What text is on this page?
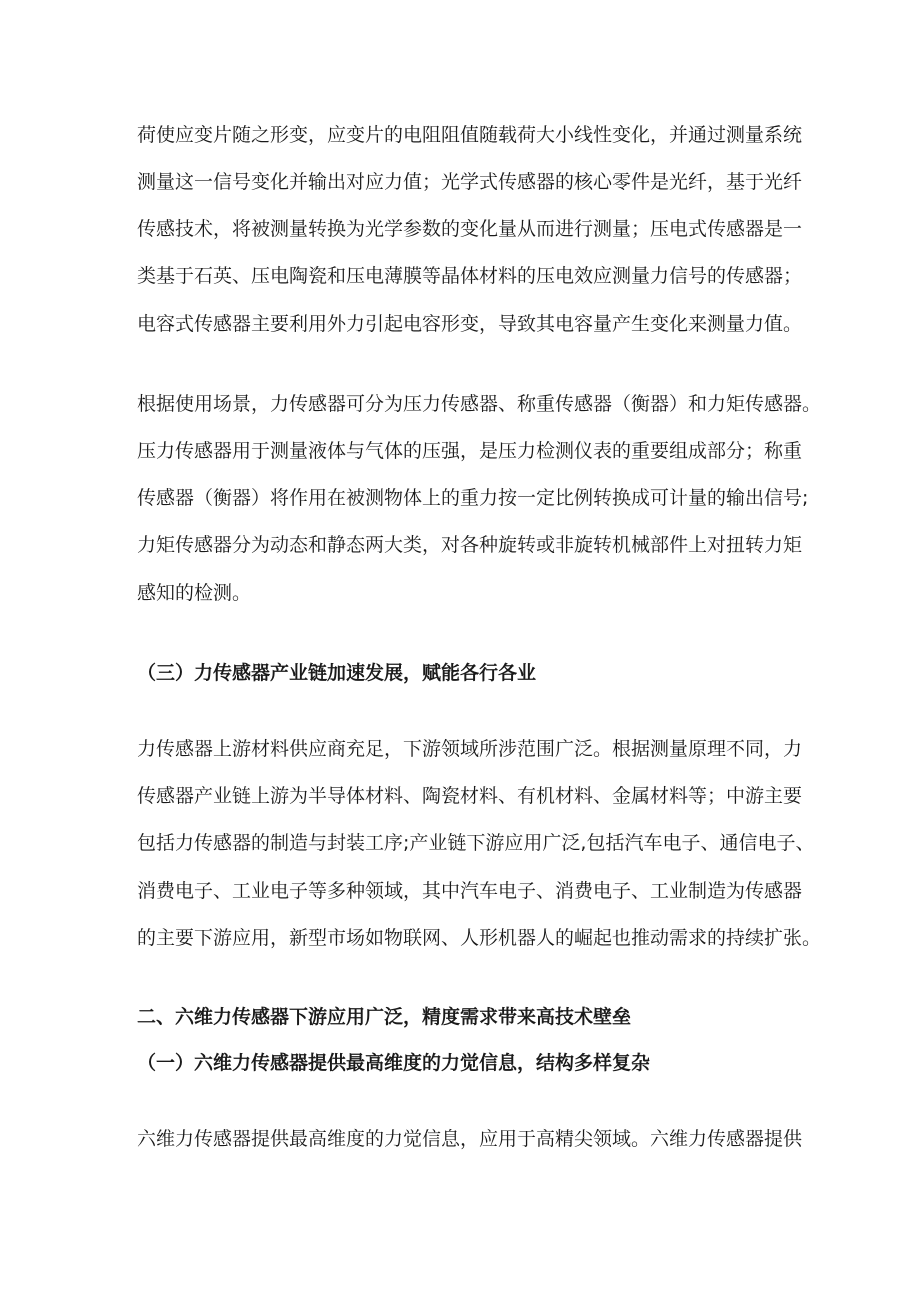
荷使应变片随之形变，应变片的电阻阻值随载荷大小线性变化，并通过测量系统
测量这一信号变化并输出对应力值；光学式传感器的核心零件是光纤，基于光纤
传感技术，将被测量转换为光学参数的变化量从而进行测量；压电式传感器是一
类基于石英、压电陶瓷和压电薄膜等晶体材料的压电效应测量力信号的传感器；
电容式传感器主要利用外力引起电容形变，导致其电容量产生变化来测量力值。
根据使用场景，力传感器可分为压力传感器、称重传感器（衡器）和力矩传感器。
压力传感器用于测量液体与气体的压强，是压力检测仪表的重要组成部分；称重
传感器（衡器）将作用在被测物体上的重力按一定比例转换成可计量的输出信号;
力矩传感器分为动态和静态两大类，对各种旋转或非旋转机械部件上对扭转力矩
感知的检测。
（三）力传感器产业链加速发展，赋能各行各业
力传感器上游材料供应商充足，下游领域所涉范围广泛。根据测量原理不同，力
传感器产业链上游为半导体材料、陶瓷材料、有机材料、金属材料等；中游主要
包括力传感器的制造与封装工序;产业链下游应用广泛,包括汽车电子、通信电子、
消费电子、工业电子等多种领域，其中汽车电子、消费电子、工业制造为传感器
的主要下游应用，新型市场如物联网、人形机器人的崛起也推动需求的持续扩张。
二、六维力传感器下游应用广泛，精度需求带来高技术壁垒
（一）六维力传感器提供最高维度的力觉信息，结构多样复杂
六维力传感器提供最高维度的力觉信息，应用于高精尖领域。六维力传感器提供
